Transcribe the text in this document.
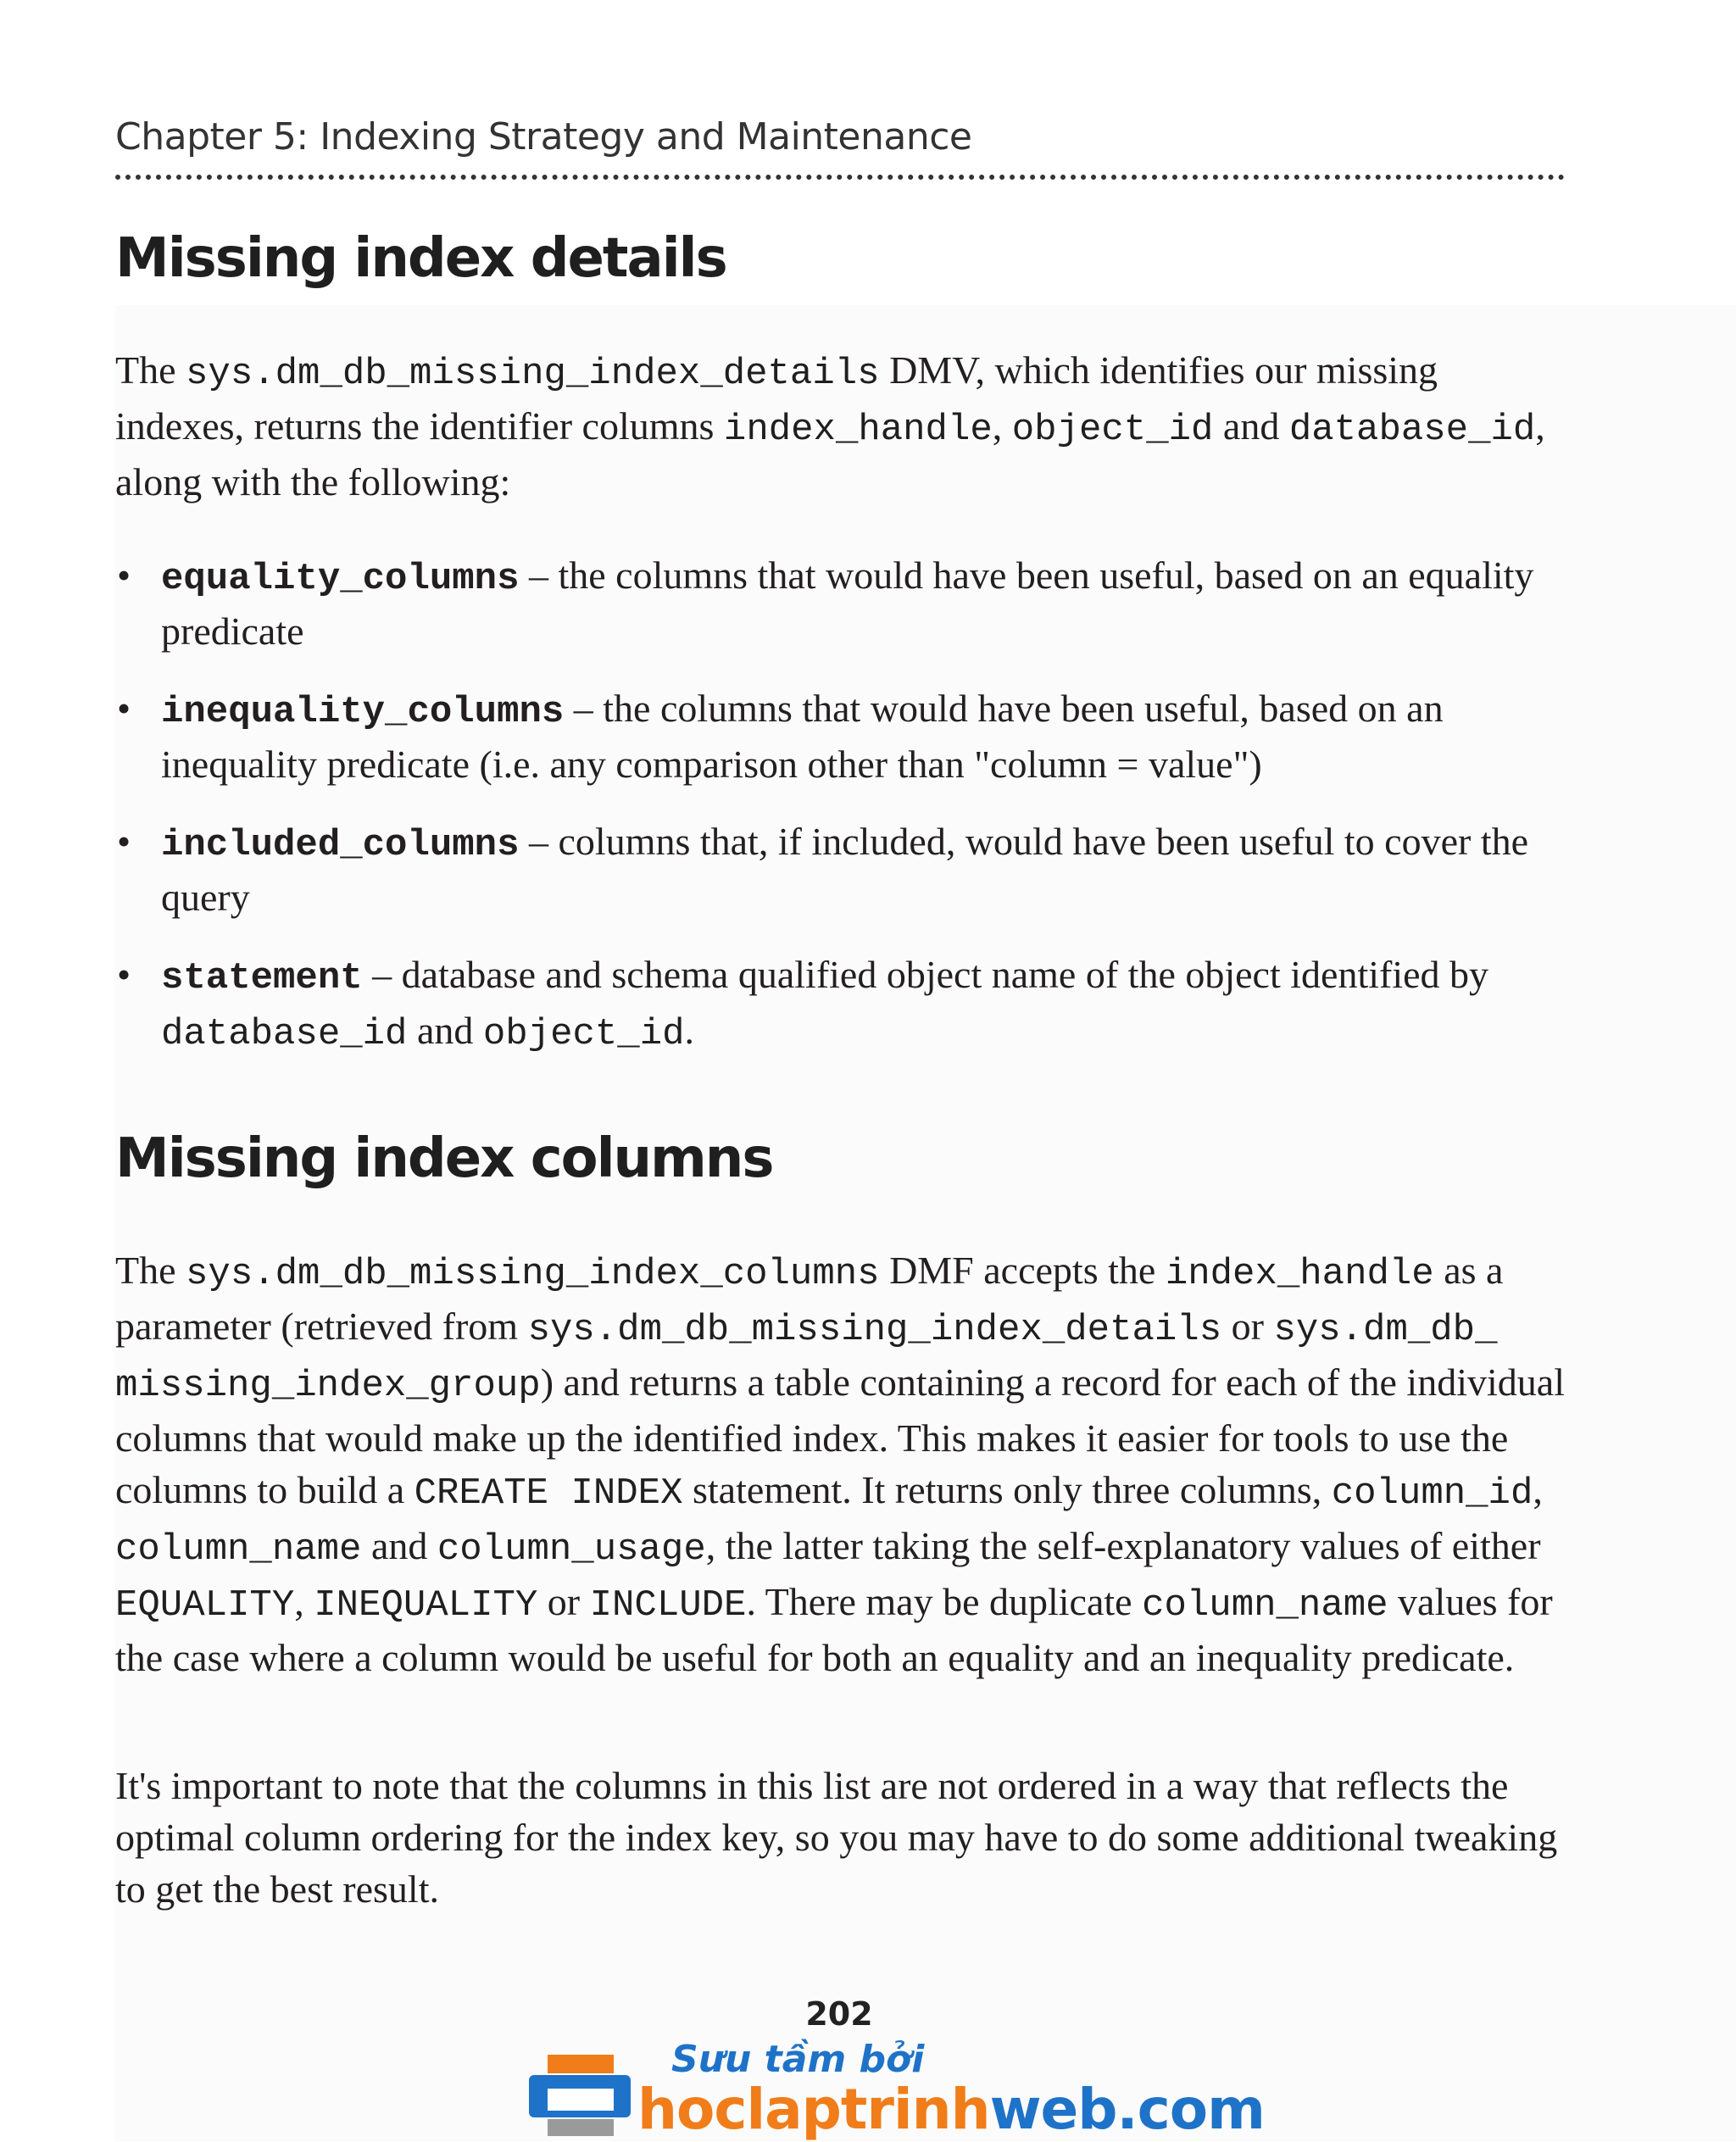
Chapter 5: Indexing Strategy and Maintenance
Missing index details

The sys.dm_db_missing_index_details DMV, which identifies our missing indexes, returns the identifier columns index_handle, object_id and database_id, along with the following:

• equality_columns – the columns that would have been useful, based on an equality predicate
• inequality_columns – the columns that would have been useful, based on an inequality predicate (i.e. any comparison other than "column = value")
• included_columns – columns that, if included, would have been useful to cover the query
• statement – database and schema qualified object name of the object identified by database_id and object_id.
Missing index columns

The sys.dm_db_missing_index_columns DMF accepts the index_handle as a parameter (retrieved from sys.dm_db_missing_index_details or sys.dm_db_ missing_index_group) and returns a table containing a record for each of the individual columns that would make up the identified index. This makes it easier for tools to use the columns to build a CREATE INDEX statement. It returns only three columns, column_id, column_name and column_usage, the latter taking the self-explanatory values of either EQUALITY, INEQUALITY or INCLUDE. There may be duplicate column_name values for the case where a column would be useful for both an equality and an inequality predicate.

It's important to note that the columns in this list are not ordered in a way that reflects the optimal column ordering for the index key, so you may have to do some additional tweaking to get the best result.

202
Sưu tầm bởi
hoclaptrinhweb.com
